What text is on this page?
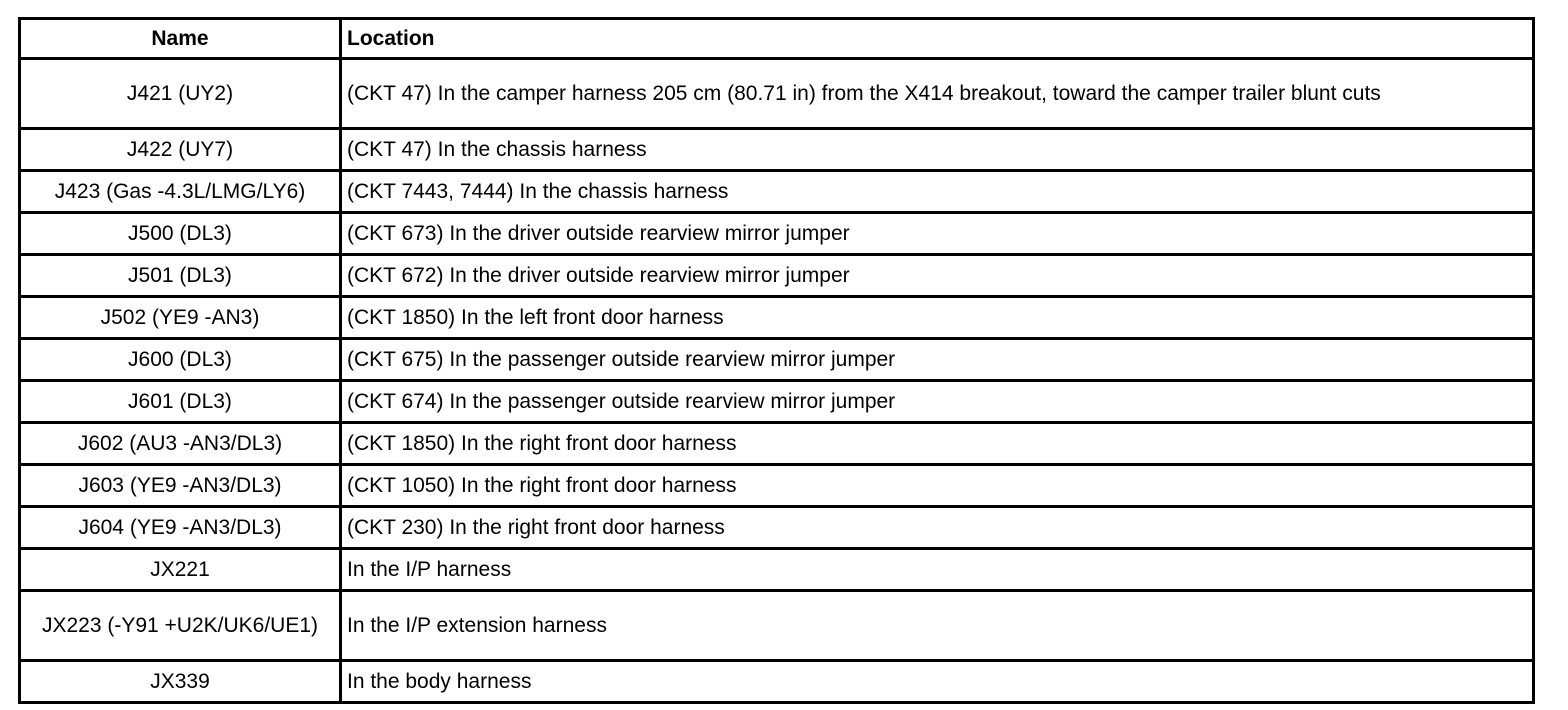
Name	Location
J421 (UY2)	(CKT 47) In the camper harness 205 cm (80.71 in) from the X414 breakout, toward the camper trailer blunt cuts
J422 (UY7)	(CKT 47) In the chassis harness
J423 (Gas -4.3L/LMG/LY6)	(CKT 7443, 7444) In the chassis harness
J500 (DL3)	(CKT 673) In the driver outside rearview mirror jumper
J501 (DL3)	(CKT 672) In the driver outside rearview mirror jumper
J502 (YE9 -AN3)	(CKT 1850) In the left front door harness
J600 (DL3)	(CKT 675) In the passenger outside rearview mirror jumper
J601 (DL3)	(CKT 674) In the passenger outside rearview mirror jumper
J602 (AU3 -AN3/DL3)	(CKT 1850) In the right front door harness
J603 (YE9 -AN3/DL3)	(CKT 1050) In the right front door harness
J604 (YE9 -AN3/DL3)	(CKT 230) In the right front door harness
JX221	In the I/P harness
JX223 (-Y91 +U2K/UK6/UE1)	In the I/P extension harness
JX339	In the body harness
